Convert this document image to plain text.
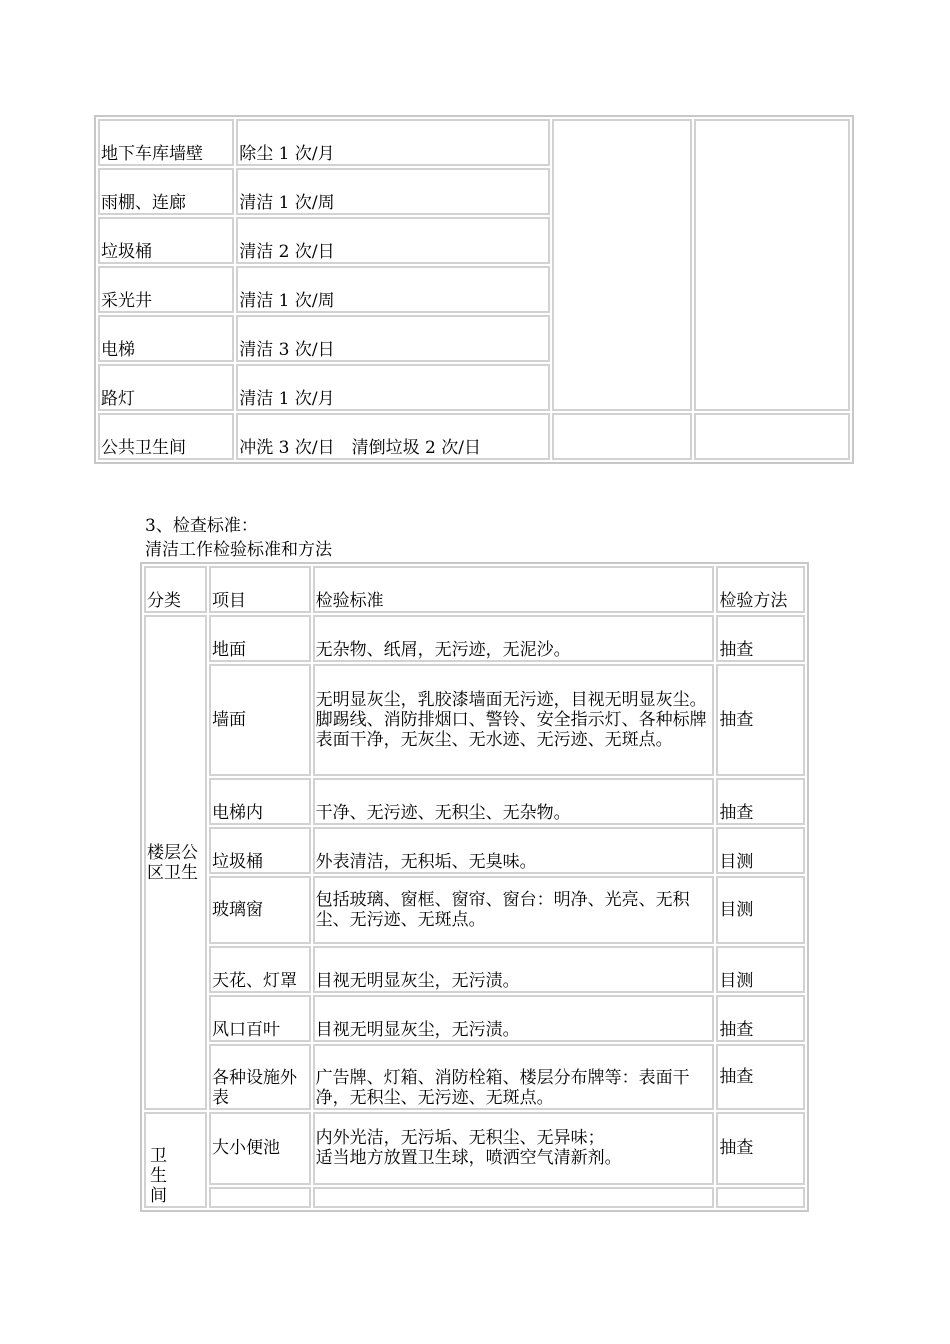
地下车库墙壁	除尘 1 次/月		
雨棚、连廊	清洁 1 次/周		
垃圾桶	清洁 2 次/日		
采光井	清洁 1 次/周		
电梯	清洁 3 次/日		
路灯	清洁 1 次/月		
公共卫生间	冲洗 3 次/日　清倒垃圾 2 次/日		
3、检查标准：
清洁工作检验标准和方法
分类	项目	检验标准	检验方法
楼层公区卫生	地面	无杂物、纸屑，无污迹，无泥沙。	抽查
	墙面	无明显灰尘，乳胶漆墙面无污迹，目视无明显灰尘。
脚踢线、消防排烟口、警铃、安全指示灯、各种标牌表面干净，无灰尘、无水迹、无污迹、无斑点。	抽查
	电梯内	干净、无污迹、无积尘、无杂物。	抽查
	垃圾桶	外表清洁，无积垢、无臭味。	目测
	玻璃窗	包括玻璃、窗框、窗帘、窗台：明净、光亮、无积尘、无污迹、无斑点。	目测
	天花、灯罩	目视无明显灰尘，无污渍。	目测
	风口百叶	目视无明显灰尘，无污渍。	抽查
	各种设施外表	广告牌、灯箱、消防栓箱、楼层分布牌等：表面干净，无积尘、无污迹、无斑点。	抽查
卫生间	大小便池	内外光洁，无污垢、无积尘、无异味；
适当地方放置卫生球，喷洒空气清新剂。	抽查
